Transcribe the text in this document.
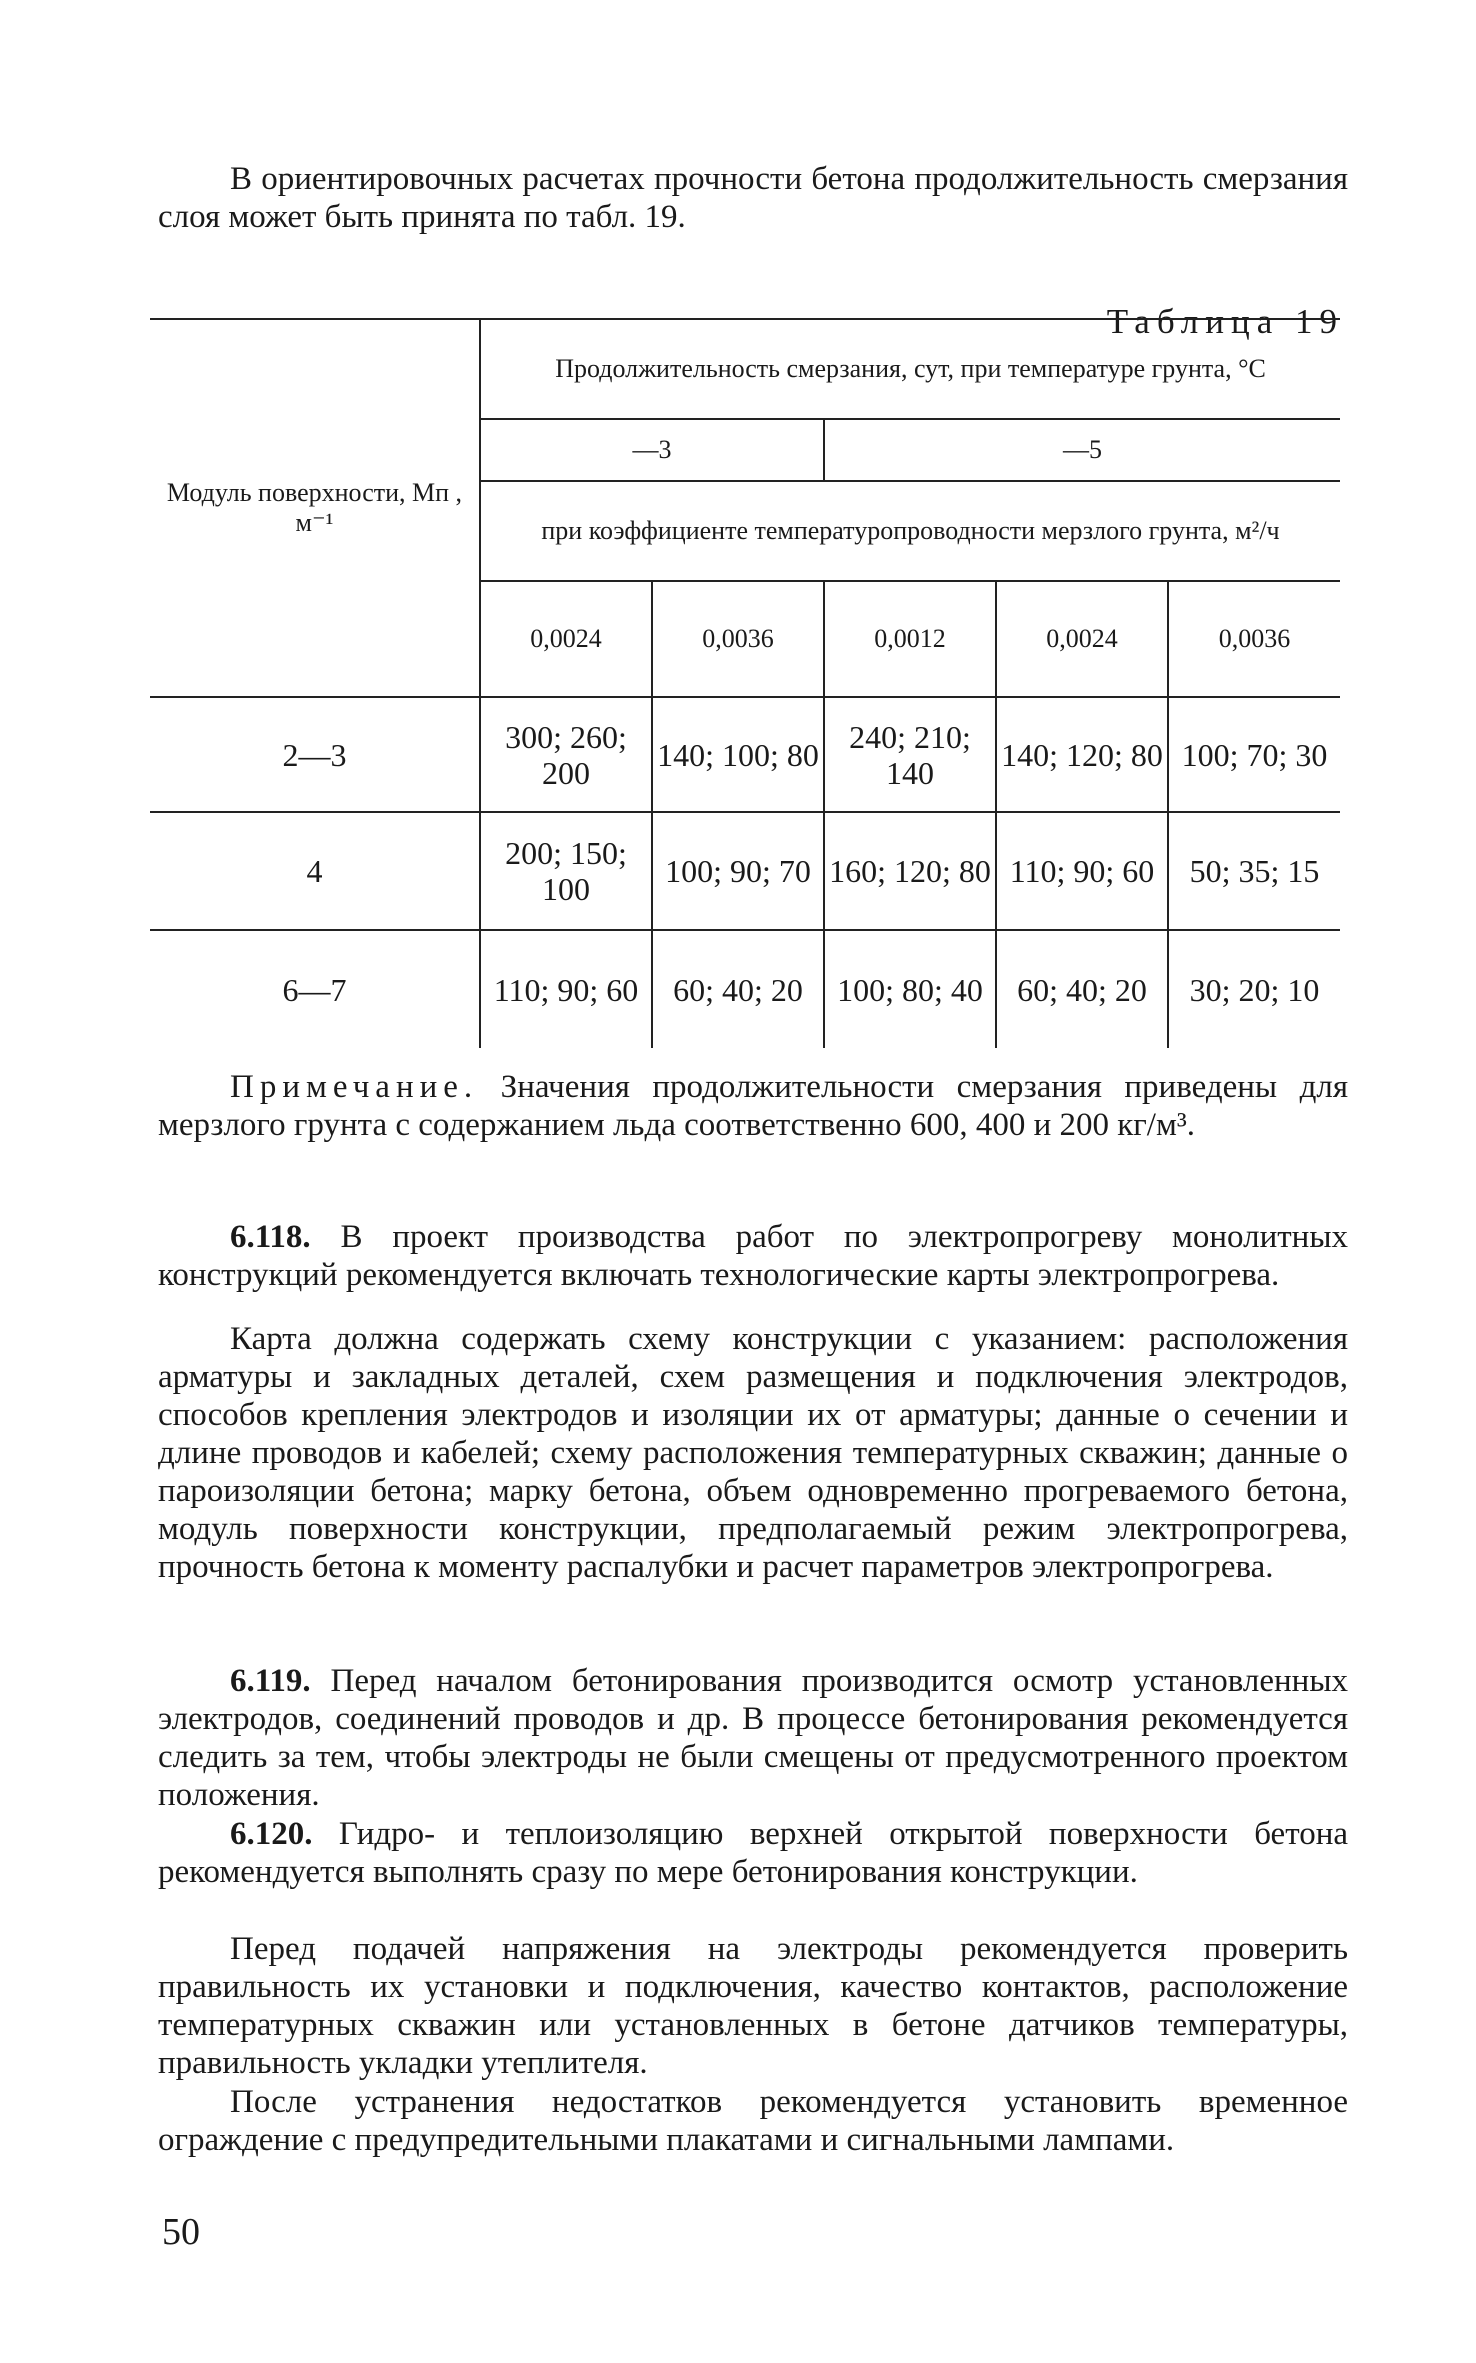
В ориентировочных расчетах прочности бетона продолжительность смерзания слоя может быть принята по табл. 19.

Таблица 19
Модуль поверхности, Мп , м⁻¹	Продолжительность смерзания, сут, при температуре грунта, °С				
	—3		—5		
	при коэффициенте температуропроводности мерзлого грунта, м²/ч				
	0,0024	0,0036	0,0012	0,0024	0,0036
2—3	300; 260; 200	140; 100; 80	240; 210; 140	140; 120; 80	100; 70; 30
4	200; 150; 100	100; 90; 70	160; 120; 80	110; 90; 60	50; 35; 15
6—7	110; 90; 60	60; 40; 20	100; 80; 40	60; 40; 20	30; 20; 10

Примечание. Значения продолжительности смерзания приведены для мерзлого грунта с содержанием льда соответственно 600, 400 и 200 кг/м³.

6.118. В проект производства работ по электропрогреву монолитных конструкций рекомендуется включать технологические карты электропрогрева.

Карта должна содержать схему конструкции с указанием: расположения арматуры и закладных деталей, схем размещения и подключения электродов, способов крепления электродов и изоляции их от арматуры; данные о сечении и длине проводов и кабелей; схему расположения температурных скважин; данные о пароизоляции бетона; марку бетона, объем одновременно прогреваемого бетона, модуль поверхности конструкции, предполагаемый режим электропрогрева, прочность бетона к моменту распалубки и расчет параметров электропрогрева.

6.119. Перед началом бетонирования производится осмотр установленных электродов, соединений проводов и др. В процессе бетонирования рекомендуется следить за тем, чтобы электроды не были смещены от предусмотренного проектом положения.

6.120. Гидро- и теплоизоляцию верхней открытой поверхности бетона рекомендуется выполнять сразу по мере бетонирования конструкции.

Перед подачей напряжения на электроды рекомендуется проверить правильность их установки и подключения, качество контактов, расположение температурных скважин или установленных в бетоне датчиков температуры, правильность укладки утеплителя.

После устранения недостатков рекомендуется установить временное ограждение с предупредительными плакатами и сигнальными лампами.

50
